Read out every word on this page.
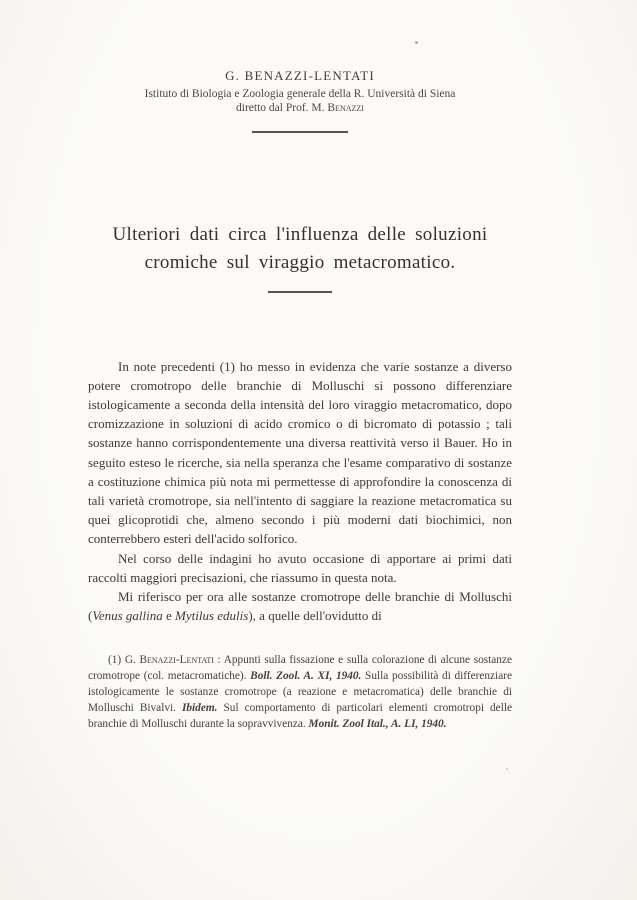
G. BENAZZI-LENTATI
Istituto di Biologia e Zoologia generale della R. Università di Siena
diretto dal Prof. M. Benazzi
Ulteriori dati circa l'influenza delle soluzioni
cromiche sul viraggio metacromatico.

In note precedenti (1) ho messo in evidenza che varie sostanze a diverso potere cromotropo delle branchie di Molluschi si possono differenziare istologicamente a seconda della intensità del loro viraggio metacromatico, dopo cromizzazione in soluzioni di acido cromico o di bicromato di potassio ; tali sostanze hanno corrispondentemente una diversa reattività verso il Bauer. Ho in seguito esteso le ricerche, sia nella speranza che l'esame comparativo di sostanze a costituzione chimica più nota mi permettesse di approfondire la conoscenza di tali varietà cromotrope, sia nell'intento di saggiare la reazione metacromatica su quei glicoprotidi che, almeno secondo i più moderni dati biochimici, non conterrebbero esteri dell'acido solforico.

Nel corso delle indagini ho avuto occasione di apportare ai primi dati raccolti maggiori precisazioni, che riassumo in questa nota.

Mi riferisco per ora alle sostanze cromotrope delle branchie di Molluschi (Venus gallina e Mytilus edulis), a quelle dell'ovidutto di

(1) G. Benazzi-Lentati : Appunti sulla fissazione e sulla colorazione di alcune sostanze cromotrope (col. metacromatiche). Boll. Zool. A. XI, 1940. Sulla possibilità di differenziare istologicamente le sostanze cromotrope (a reazione e metacromatica) delle branchie di Molluschi Bivalvi. Ibidem. Sul comportamento di particolari elementi cromotropi delle branchie di Molluschi durante la sopravvivenza. Monit. Zool Ital., A. LI, 1940.
